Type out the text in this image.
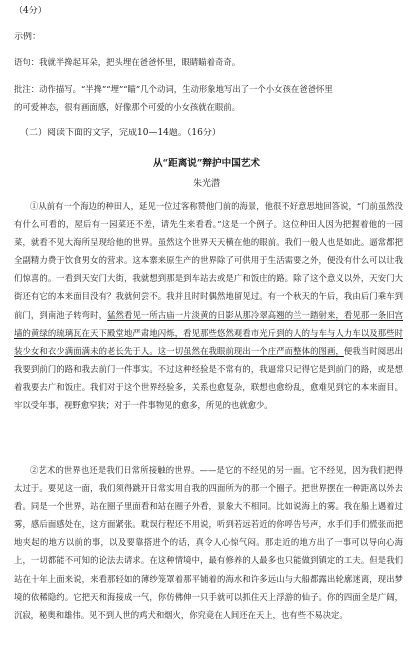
（4分）
示例：
语句：我就半搀起耳朵，把头埋在爸爸怀里，眼睛瞄着奇奇。
批注：动作描写。“半搀”“埋”“瞄”几个动词，生动形象地写出了一个小女孩在爸爸怀里
的可爱神态，很有画面感，好像那个可爱的小女孩就在眼前。
（二）阅读下面的文字，完成10—14题。（16分）
从“距离说”辩护中国艺术
朱光潜
①从前有一个海边的种田人，延见一位过客称赞他门前的海景，他很不好意思地回答说，“门前虽然没有什么可看的，屋后有一园菜还不差，请先生来看看。”这是一个例子。这位种田人因为把握着他的一园菜，就看不见大海所呈现给他的世界。虽然这个世界天天横在他的眼前。我们一般人也是如此。逼常都把全副精力费于饮食男女的营求。这本寨来原生产的世界除了可供用于生活需要之外，便没有什么可以让我们惊喜的。一看到天安门大街，我就想到那是到车站去或是广和饭庄的路。除了这个意义以外，天安门大街还有它的本来面目没有？我就何尝不。我并且时时偶然地留见过。有一个秋天的午后，我由后门乘车到前门，到南池子转弯时，猛然看见一所古庙一片淡黄的日影从那冷翠高翘的兰一踏射来，看见那一条旧宫墙的黄绿的琉璃瓦在天下殿堂地严肃地闪烁，看见那些悠然观看市光斤到的人的与车与人力车以及那些时装少女和衣少满面满未的老长先于人。这一切虽然在我眼前现出一个庄严而整体的图画，便我当时阅思出我要到前门的路和我去前门一件事实。不过这种经验是不常有的，我逼常只记得它是到前门的路，或是想着我要去广和饭庄。我们对于这个世界经验多，关系也愈复杂，联想也愈纷乱，愈难见到它的本来面目。牢以受年事，视野愈窄狭；对于一件事物见的愈多，所见的也就愈少。
②艺术的世界也还是我们日常所接触的世界。——是它的不经见的另一面。它不经见，因为我们把得太过于。要见这一面，我们须得跳开日常实用自我的四面所为的那一个圈子。把世界摆在一种距离以外去看。同是一个世界，站在圈子里面看和站在圈子外看，景象大不相同。比如说海上的雾。我在船上遇着过雾，感后面感处在，这方面紧张。耽误行程还不用说，听到若远若近的你呼告号声，水手们手们慌张而把地夹起的地方以前的事，以及要靠搭进个的话，真令人心惊气闷。那走近的地方出了一事可以导向心海上，一切都能不可知的论法去请求。在这种情境中，最有修养的人最多也只能做到镇定的工夫。但是我们站在十年上面来说，来看那轻如的薄纱笼罩着那平铺着的海水和许多远山与大船都露出轮廓迷离，现出梦境的依稀隐约。它把天和海接成一气，你仿佛伸一只手就可以抓住天上浮游的仙子。你的四面全是广阔，沉寂，秘奥和雄伟。见不到人世的鸡犬和烟火，你究竟在人间还在天上，也有些不易决定。
